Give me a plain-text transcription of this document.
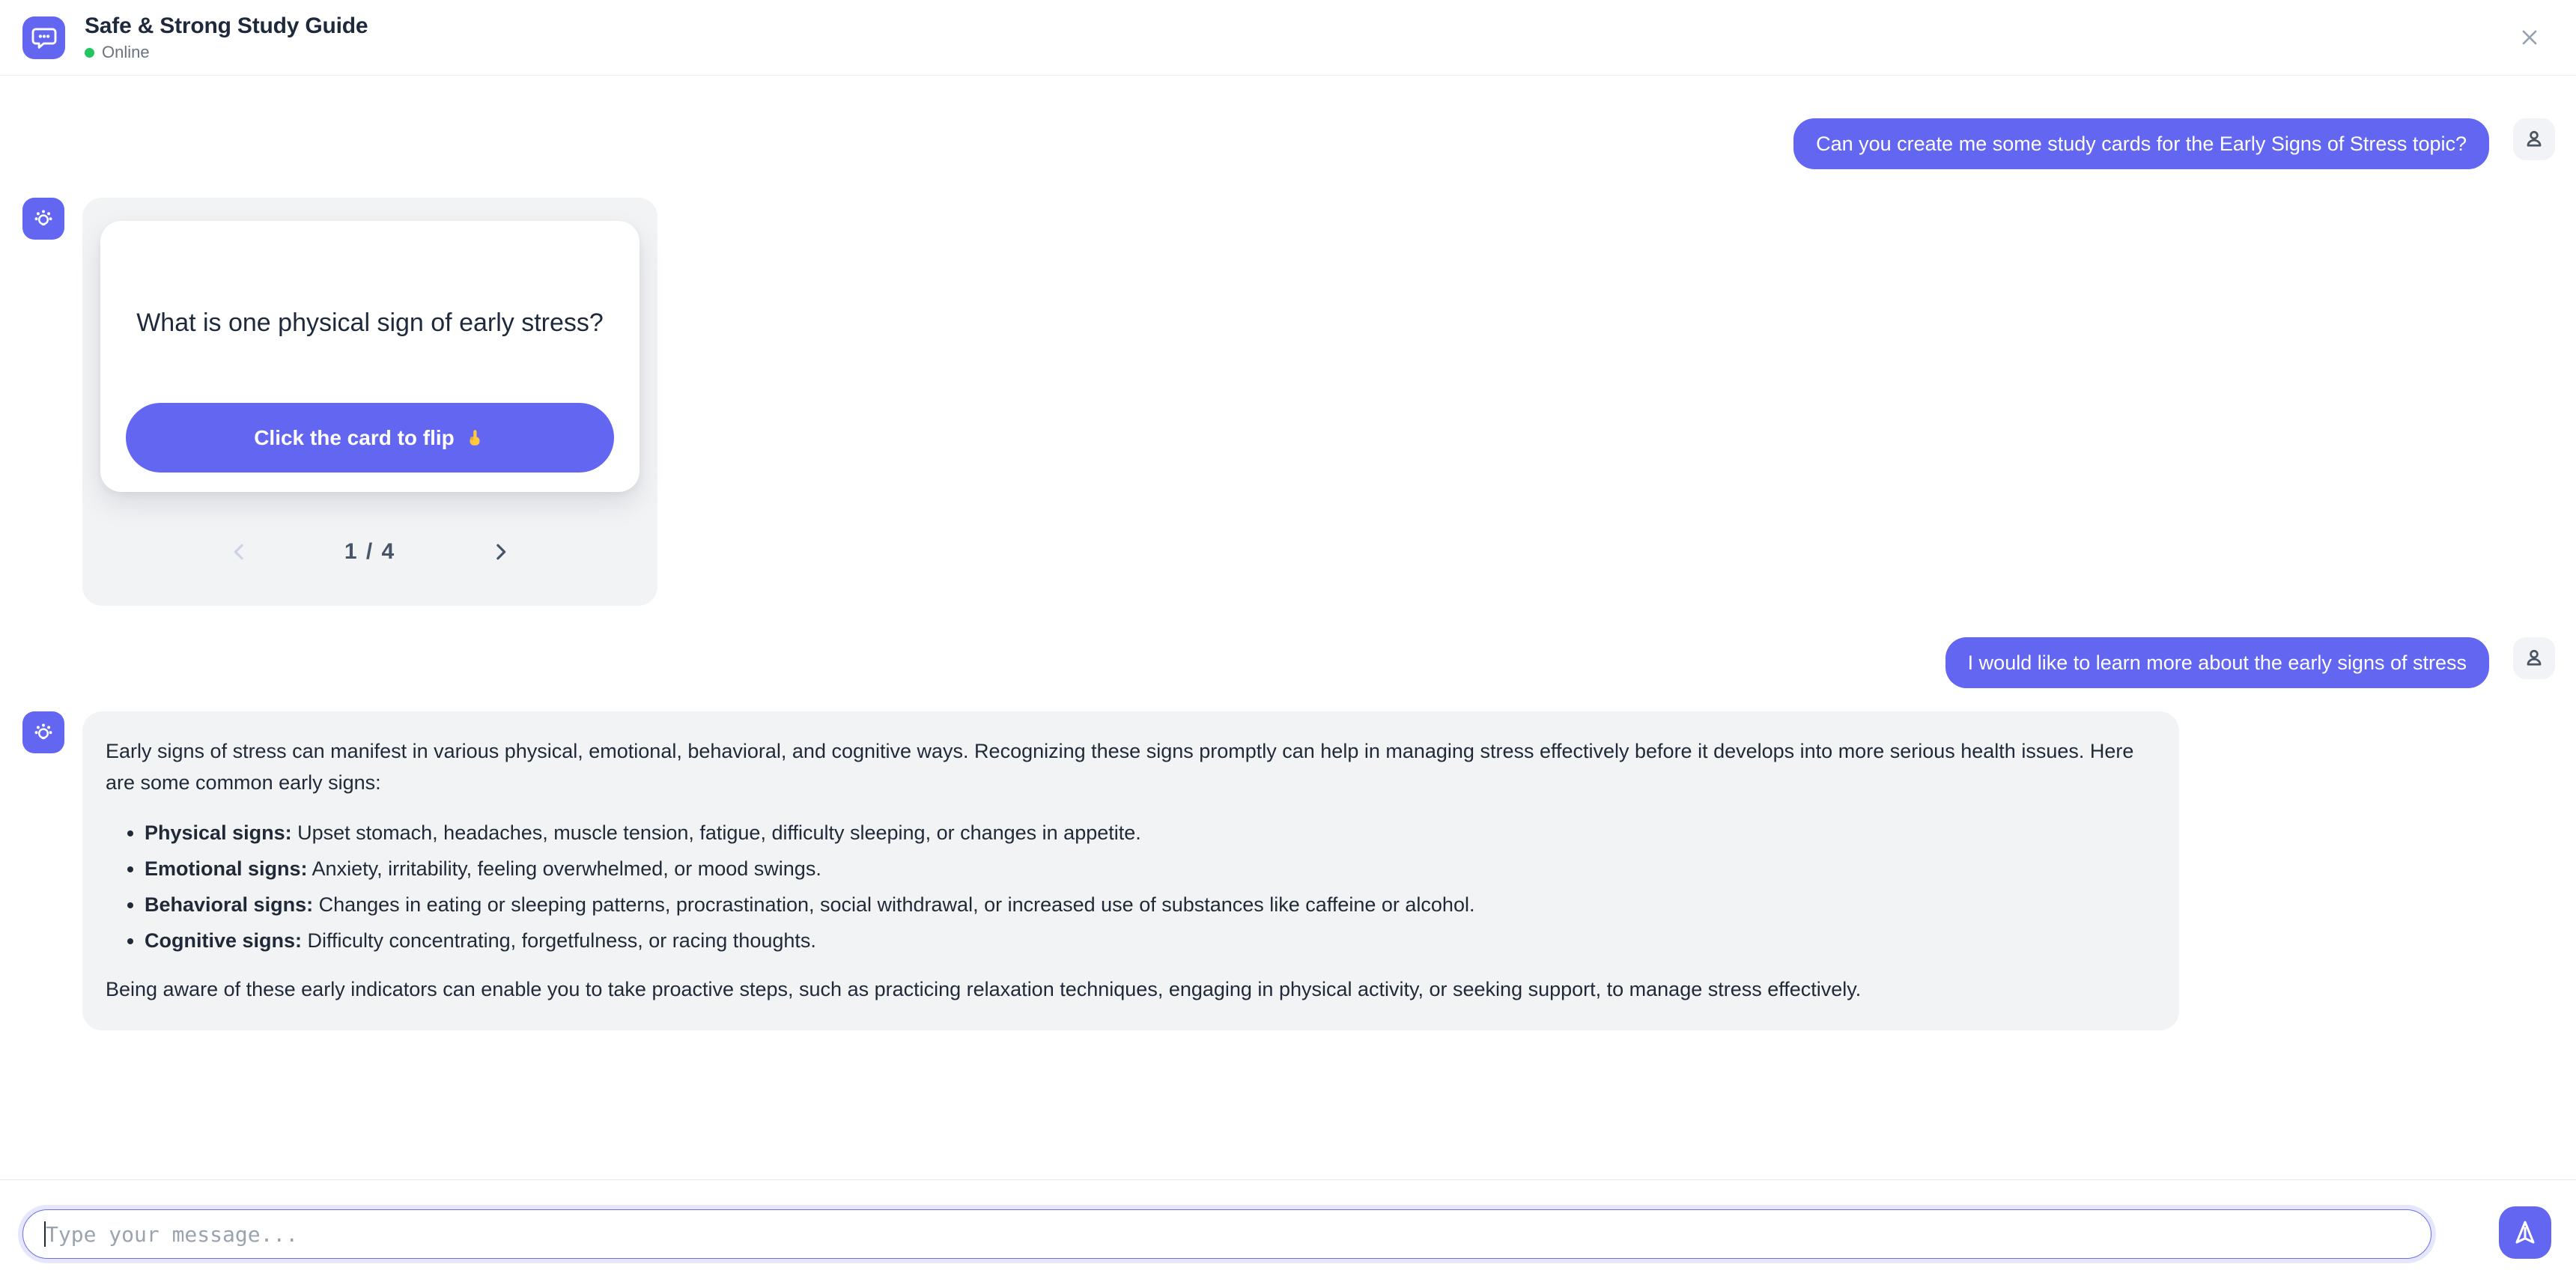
Safe & Strong Study Guide
Online
Can you create me some study cards for the Early Signs of Stress topic?
What is one physical sign of early stress?
Click the card to flip
1 / 4
I would like to learn more about the early signs of stress

Early signs of stress can manifest in various physical, emotional, behavioral, and cognitive ways. Recognizing these signs promptly can help in managing stress effectively before it develops into more serious health issues. Here are some common early signs:

• Physical signs: Upset stomach, headaches, muscle tension, fatigue, difficulty sleeping, or changes in appetite.
• Emotional signs: Anxiety, irritability, feeling overwhelmed, or mood swings.
• Behavioral signs: Changes in eating or sleeping patterns, procrastination, social withdrawal, or increased use of substances like caffeine or alcohol.
• Cognitive signs: Difficulty concentrating, forgetfulness, or racing thoughts.

Being aware of these early indicators can enable you to take proactive steps, such as practicing relaxation techniques, engaging in physical activity, or seeking support, to manage stress effectively.

Type your message...
